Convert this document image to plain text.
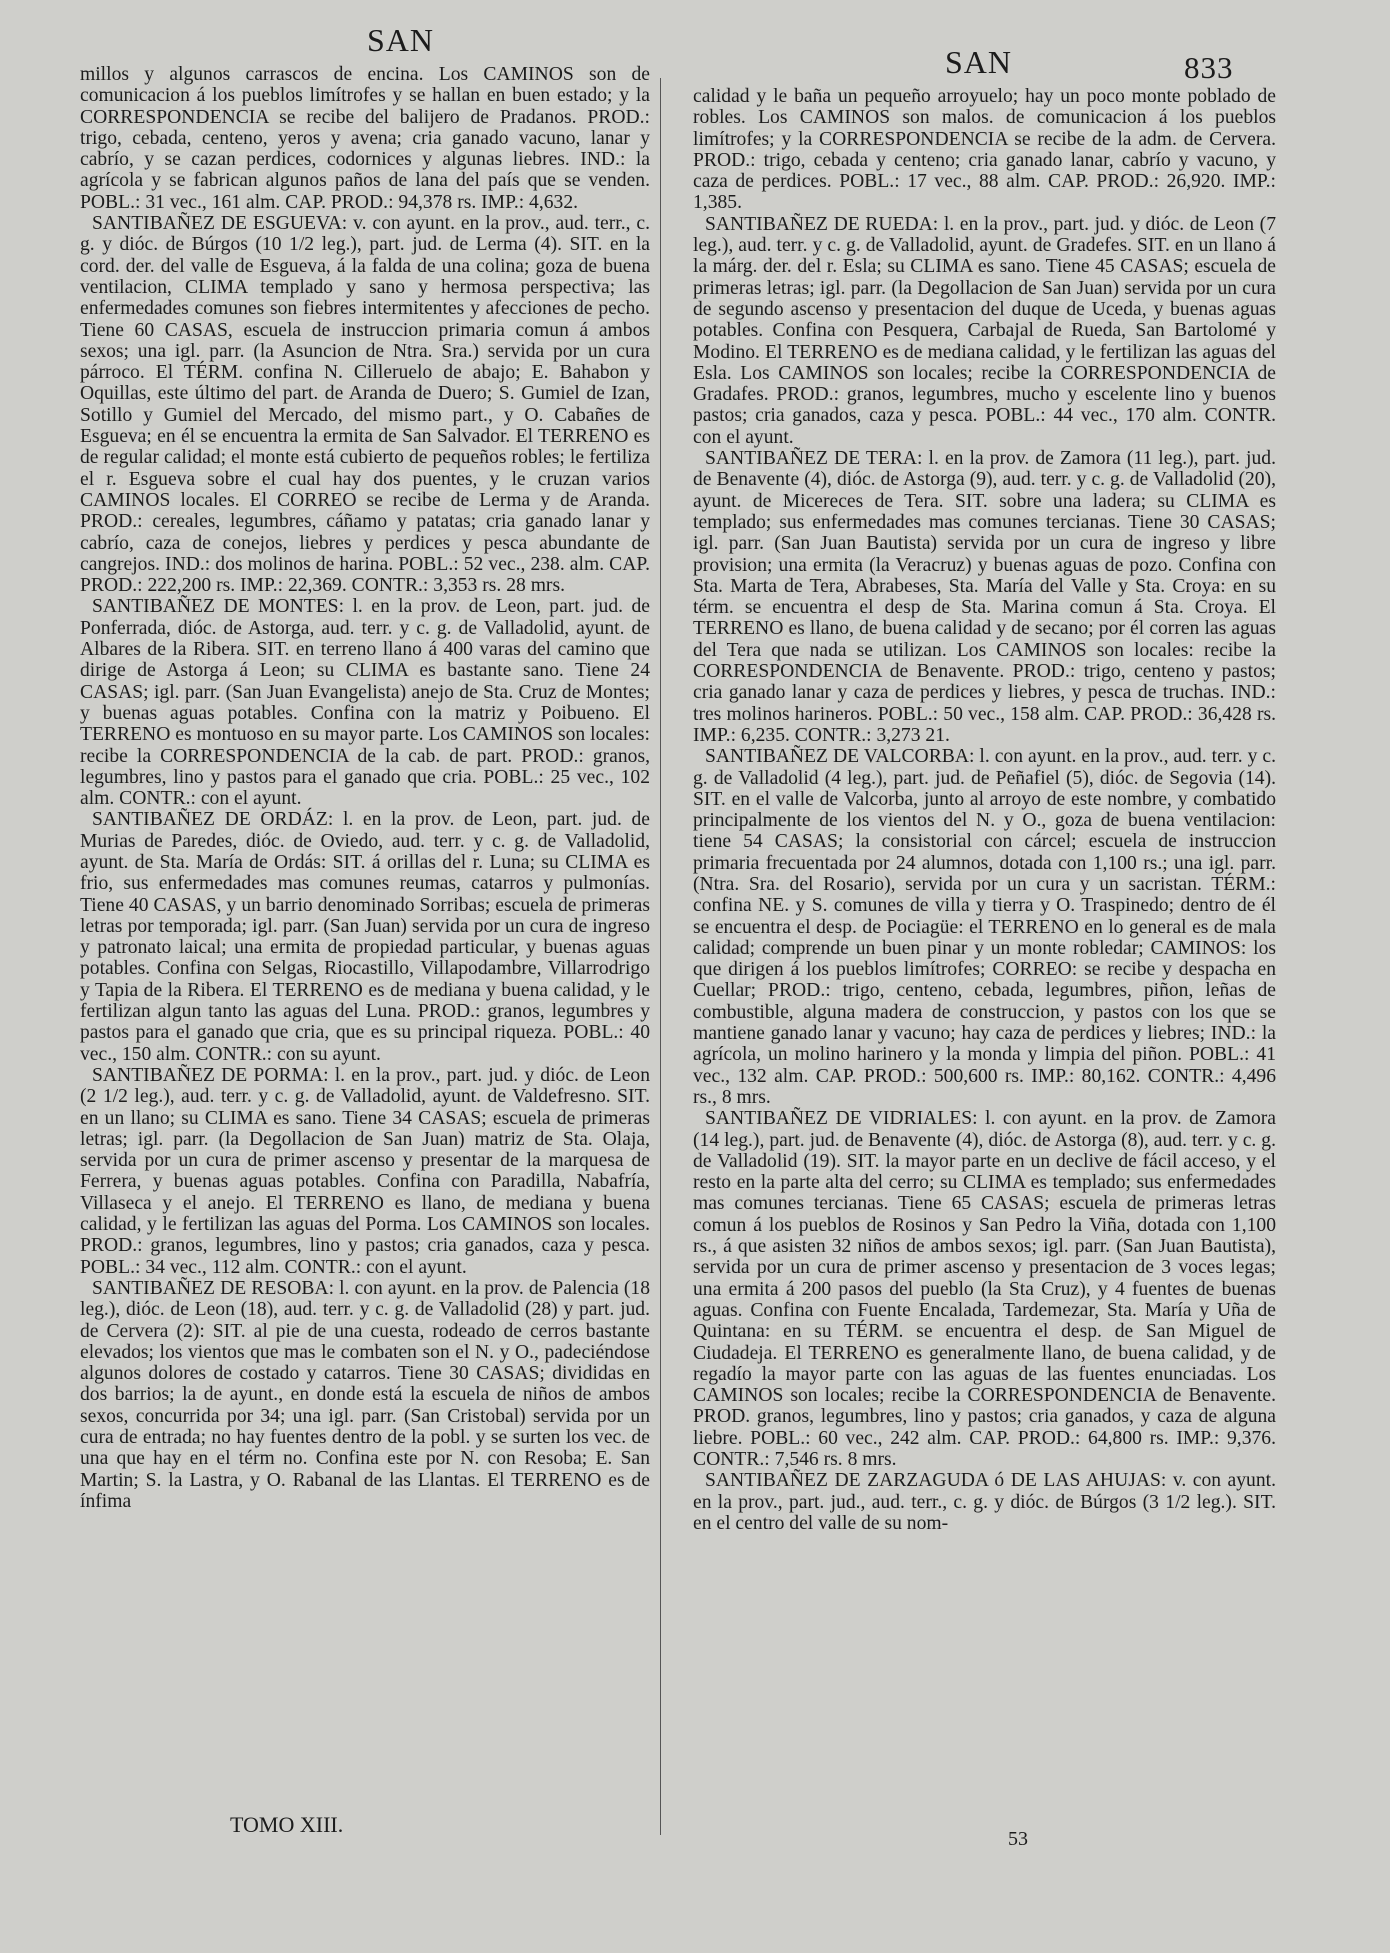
SAN
SAN	833

millos y algunos carrascos de encina. Los CAMINOS son de comunicacion á los pueblos limítrofes y se hallan en buen estado; y la CORRESPONDENCIA se recibe del balijero de Pradanos. PROD.: trigo, cebada, centeno, yeros y avena; cria ganado vacuno, lanar y cabrío, y se cazan perdices, codornices y algunas liebres. IND.: la agrícola y se fabrican algunos paños de lana del país que se venden. POBL.: 31 vec., 161 alm. CAP. PROD.: 94,378 rs. IMP.: 4,632.

SANTIBAÑEZ DE ESGUEVA: v. con ayunt. en la prov., aud. terr., c. g. y dióc. de Búrgos (10 1/2 leg.), part. jud. de Lerma (4). SIT. en la cord. der. del valle de Esgueva, á la falda de una colina; goza de buena ventilacion, CLIMA templado y sano y hermosa perspectiva; las enfermedades comunes son fiebres intermitentes y afecciones de pecho. Tiene 60 CASAS, escuela de instruccion primaria comun á ambos sexos; una igl. parr. (la Asuncion de Ntra. Sra.) servida por un cura párroco. El TÉRM. confina N. Cilleruelo de abajo; E. Bahabon y Oquillas, este último del part. de Aranda de Duero; S. Gumiel de Izan, Sotillo y Gumiel del Mercado, del mismo part., y O. Cabañes de Esgueva; en él se encuentra la ermita de San Salvador. El TERRENO es de regular calidad; el monte está cubierto de pequeños robles; le fertiliza el r. Esgueva sobre el cual hay dos puentes, y le cruzan varios CAMINOS locales. El CORREO se recibe de Lerma y de Aranda. PROD.: cereales, legumbres, cáñamo y patatas; cria ganado lanar y cabrío, caza de conejos, liebres y perdices y pesca abundante de cangrejos. IND.: dos molinos de harina. POBL.: 52 vec., 238. alm. CAP. PROD.: 222,200 rs. IMP.: 22,369. CONTR.: 3,353 rs. 28 mrs.

SANTIBAÑEZ DE MONTES: l. en la prov. de Leon, part. jud. de Ponferrada, dióc. de Astorga, aud. terr. y c. g. de Valladolid, ayunt. de Albares de la Ribera. SIT. en terreno llano á 400 varas del camino que dirige de Astorga á Leon; su CLIMA es bastante sano. Tiene 24 CASAS; igl. parr. (San Juan Evangelista) anejo de Sta. Cruz de Montes; y buenas aguas potables. Confina con la matriz y Poibueno. El TERRENO es montuoso en su mayor parte. Los CAMINOS son locales: recibe la CORRESPONDENCIA de la cab. de part. PROD.: granos, legumbres, lino y pastos para el ganado que cria. POBL.: 25 vec., 102 alm. CONTR.: con el ayunt.

SANTIBAÑEZ DE ORDÁZ: l. en la prov. de Leon, part. jud. de Murias de Paredes, dióc. de Oviedo, aud. terr. y c. g. de Valladolid, ayunt. de Sta. María de Ordás: SIT. á orillas del r. Luna; su CLIMA es frio, sus enfermedades mas comunes reumas, catarros y pulmonías. Tiene 40 CASAS, y un barrio denominado Sorribas; escuela de primeras letras por temporada; igl. parr. (San Juan) servida por un cura de ingreso y patronato laical; una ermita de propiedad particular, y buenas aguas potables. Confina con Selgas, Riocastillo, Villapodambre, Villarrodrigo y Tapia de la Ribera. El TERRENO es de mediana y buena calidad, y le fertilizan algun tanto las aguas del Luna. PROD.: granos, legumbres y pastos para el ganado que cria, que es su principal riqueza. POBL.: 40 vec., 150 alm. CONTR.: con su ayunt.

SANTIBAÑEZ DE PORMA: l. en la prov., part. jud. y dióc. de Leon (2 1/2 leg.), aud. terr. y c. g. de Valladolid, ayunt. de Valdefresno. SIT. en un llano; su CLIMA es sano. Tiene 34 CASAS; escuela de primeras letras; igl. parr. (la Degollacion de San Juan) matriz de Sta. Olaja, servida por un cura de primer ascenso y presentar de la marquesa de Ferrera, y buenas aguas potables. Confina con Paradilla, Nabafría, Villaseca y el anejo. El TERRENO es llano, de mediana y buena calidad, y le fertilizan las aguas del Porma. Los CAMINOS son locales. PROD.: granos, legumbres, lino y pastos; cria ganados, caza y pesca. POBL.: 34 vec., 112 alm. CONTR.: con el ayunt.

SANTIBAÑEZ DE RESOBA: l. con ayunt. en la prov. de Palencia (18 leg.), dióc. de Leon (18), aud. terr. y c. g. de Valladolid (28) y part. jud. de Cervera (2): SIT. al pie de una cuesta, rodeado de cerros bastante elevados; los vientos que mas le combaten son el N. y O., padeciéndose algunos dolores de costado y catarros. Tiene 30 CASAS; divididas en dos barrios; la de ayunt., en donde está la escuela de niños de ambos sexos, concurrida por 34; una igl. parr. (San Cristobal) servida por un cura de entrada; no hay fuentes dentro de la pobl. y se surten los vec. de una que hay en el térm no. Confina este por N. con Resoba; E. San Martin; S. la Lastra, y O. Rabanal de las Llantas. El TERRENO es de ínfima

calidad y le baña un pequeño arroyuelo; hay un poco monte poblado de robles. Los CAMINOS son malos. de comunicacion á los pueblos limítrofes; y la CORRESPONDENCIA se recibe de la adm. de Cervera. PROD.: trigo, cebada y centeno; cria ganado lanar, cabrío y vacuno, y caza de perdices. POBL.: 17 vec., 88 alm. CAP. PROD.: 26,920. IMP.: 1,385.

SANTIBAÑEZ DE RUEDA: l. en la prov., part. jud. y dióc. de Leon (7 leg.), aud. terr. y c. g. de Valladolid, ayunt. de Gradefes. SIT. en un llano á la márg. der. del r. Esla; su CLIMA es sano. Tiene 45 CASAS; escuela de primeras letras; igl. parr. (la Degollacion de San Juan) servida por un cura de segundo ascenso y presentacion del duque de Uceda, y buenas aguas potables. Confina con Pesquera, Carbajal de Rueda, San Bartolomé y Modino. El TERRENO es de mediana calidad, y le fertilizan las aguas del Esla. Los CAMINOS son locales; recibe la CORRESPONDENCIA de Gradafes. PROD.: granos, legumbres, mucho y escelente lino y buenos pastos; cria ganados, caza y pesca. POBL.: 44 vec., 170 alm. CONTR. con el ayunt.

SANTIBAÑEZ DE TERA: l. en la prov. de Zamora (11 leg.), part. jud. de Benavente (4), dióc. de Astorga (9), aud. terr. y c. g. de Valladolid (20), ayunt. de Micereces de Tera. SIT. sobre una ladera; su CLIMA es templado; sus enfermedades mas comunes tercianas. Tiene 30 CASAS; igl. parr. (San Juan Bautista) servida por un cura de ingreso y libre provision; una ermita (la Veracruz) y buenas aguas de pozo. Confina con Sta. Marta de Tera, Abrabeses, Sta. María del Valle y Sta. Croya: en su térm. se encuentra el desp de Sta. Marina comun á Sta. Croya. El TERRENO es llano, de buena calidad y de secano; por él corren las aguas del Tera que nada se utilizan. Los CAMINOS son locales: recibe la CORRESPONDENCIA de Benavente. PROD.: trigo, centeno y pastos; cria ganado lanar y caza de perdices y liebres, y pesca de truchas. IND.: tres molinos harineros. POBL.: 50 vec., 158 alm. CAP. PROD.: 36,428 rs. IMP.: 6,235. CONTR.: 3,273 21.

SANTIBAÑEZ DE VALCORBA: l. con ayunt. en la prov., aud. terr. y c. g. de Valladolid (4 leg.), part. jud. de Peñafiel (5), dióc. de Segovia (14). SIT. en el valle de Valcorba, junto al arroyo de este nombre, y combatido principalmente de los vientos del N. y O., goza de buena ventilacion: tiene 54 CASAS; la consistorial con cárcel; escuela de instruccion primaria frecuentada por 24 alumnos, dotada con 1,100 rs.; una igl. parr. (Ntra. Sra. del Rosario), servida por un cura y un sacristan. TÉRM.: confina NE. y S. comunes de villa y tierra y O. Traspinedo; dentro de él se encuentra el desp. de Pociagüe: el TERRENO en lo general es de mala calidad; comprende un buen pinar y un monte robledar; CAMINOS: los que dirigen á los pueblos limítrofes; CORREO: se recibe y despacha en Cuellar; PROD.: trigo, centeno, cebada, legumbres, piñon, leñas de combustible, alguna madera de construccion, y pastos con los que se mantiene ganado lanar y vacuno; hay caza de perdices y liebres; IND.: la agrícola, un molino harinero y la monda y limpia del piñon. POBL.: 41 vec., 132 alm. CAP. PROD.: 500,600 rs. IMP.: 80,162. CONTR.: 4,496 rs., 8 mrs.

SANTIBAÑEZ DE VIDRIALES: l. con ayunt. en la prov. de Zamora (14 leg.), part. jud. de Benavente (4), dióc. de Astorga (8), aud. terr. y c. g. de Valladolid (19). SIT. la mayor parte en un declive de fácil acceso, y el resto en la parte alta del cerro; su CLIMA es templado; sus enfermedades mas comunes tercianas. Tiene 65 CASAS; escuela de primeras letras comun á los pueblos de Rosinos y San Pedro la Viña, dotada con 1,100 rs., á que asisten 32 niños de ambos sexos; igl. parr. (San Juan Bautista), servida por un cura de primer ascenso y presentacion de 3 voces legas; una ermita á 200 pasos del pueblo (la Sta Cruz), y 4 fuentes de buenas aguas. Confina con Fuente Encalada, Tardemezar, Sta. María y Uña de Quintana: en su TÉRM. se encuentra el desp. de San Miguel de Ciudadeja. El TERRENO es generalmente llano, de buena calidad, y de regadío la mayor parte con las aguas de las fuentes enunciadas. Los CAMINOS son locales; recibe la CORRESPONDENCIA de Benavente. PROD. granos, legumbres, lino y pastos; cria ganados, y caza de alguna liebre. POBL.: 60 vec., 242 alm. CAP. PROD.: 64,800 rs. IMP.: 9,376. CONTR.: 7,546 rs. 8 mrs.

SANTIBAÑEZ DE ZARZAGUDA ó DE LAS AHUJAS: v. con ayunt. en la prov., part. jud., aud. terr., c. g. y dióc. de Búrgos (3 1/2 leg.). SIT. en el centro del valle de su nom-

TOMO XIII.
53
